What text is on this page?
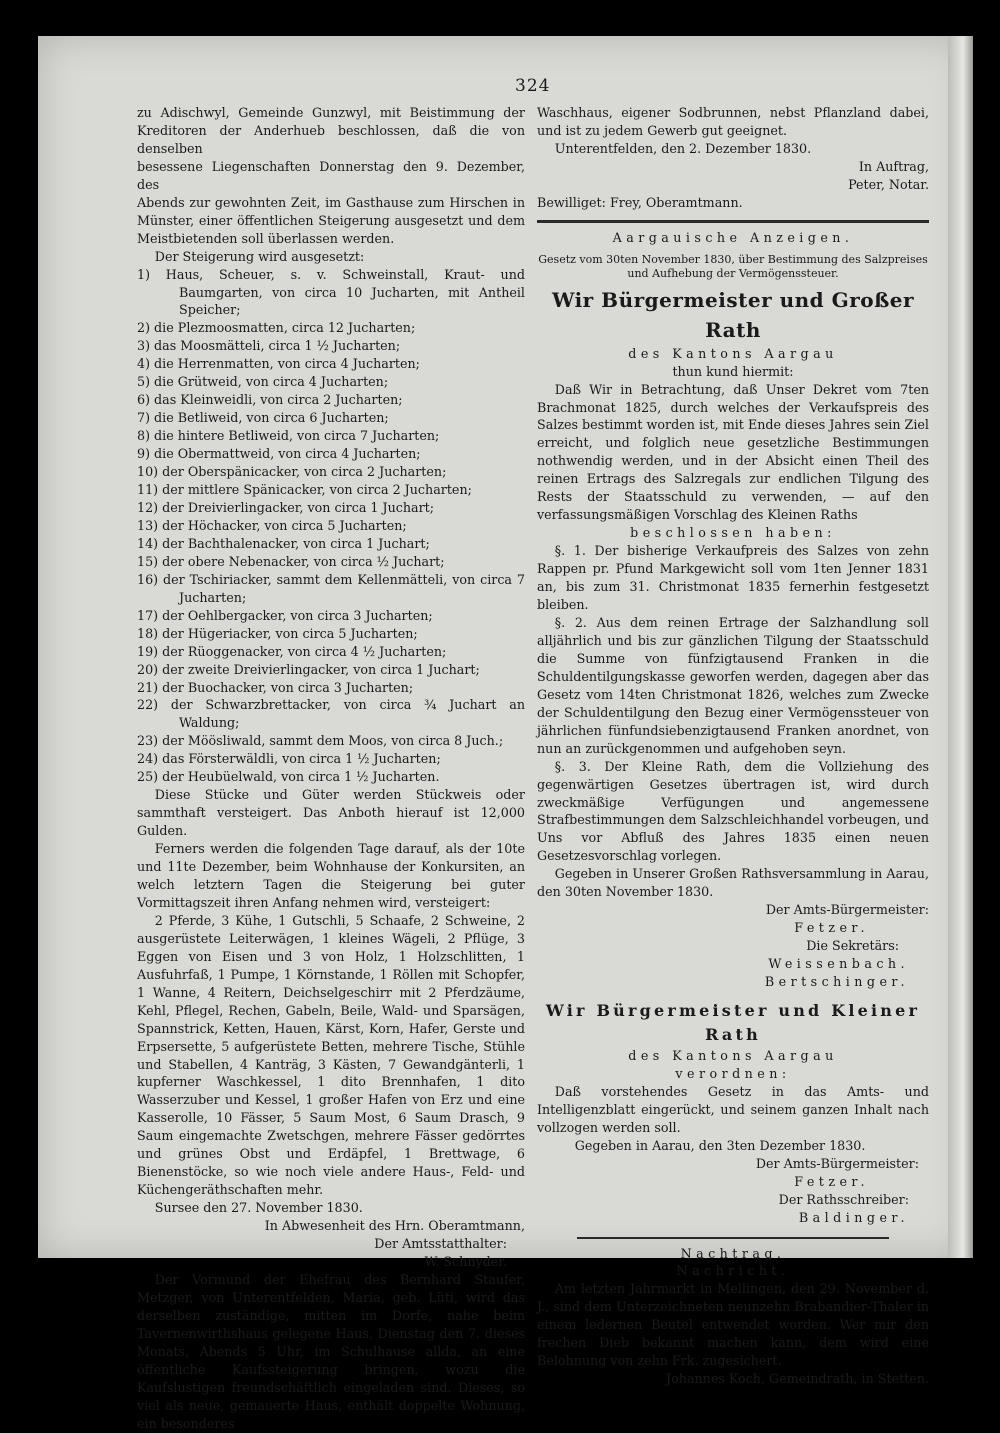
324

zu Adischwyl, Gemeinde Gunzwyl, mit Beistimmung der

Kreditoren der Anderhueb beschlossen, daß die von denselben

besessene Liegenschaften Donnerstag den 9. Dezember, des

Abends zur gewohnten Zeit, im Gasthause zum Hirschen in

Münster, einer öffentlichen Steigerung ausgesetzt und dem

Meistbietenden soll überlassen werden.

Der Steigerung wird ausgesetzt:

1) Haus, Scheuer, s. v. Schweinstall, Kraut- und Baumgarten, von circa 10 Jucharten, mit Antheil Speicher;

2) die Plezmoosmatten, circa 12 Jucharten;

3) das Moosmätteli, circa 1 ½ Jucharten;

4) die Herrenmatten, von circa 4 Jucharten;

5) die Grütweid, von circa 4 Jucharten;

6) das Kleinweidli, von circa 2 Jucharten;

7) die Betliweid, von circa 6 Jucharten;

8) die hintere Betliweid, von circa 7 Jucharten;

9) die Obermattweid, von circa 4 Jucharten;

10) der Oberspänicacker, von circa 2 Jucharten;

11) der mittlere Spänicacker, von circa 2 Jucharten;

12) der Dreivierlingacker, von circa 1 Juchart;

13) der Höchacker, von circa 5 Jucharten;

14) der Bachthalenacker, von circa 1 Juchart;

15) der obere Nebenacker, von circa ½ Juchart;

16) der Tschiriacker, sammt dem Kellenmätteli, von circa 7 Jucharten;

17) der Oehlbergacker, von circa 3 Jucharten;

18) der Hügeriacker, von circa 5 Jucharten;

19) der Rüoggenacker, von circa 4 ½ Jucharten;

20) der zweite Dreivierlingacker, von circa 1 Juchart;

21) der Buochacker, von circa 3 Jucharten;

22) der Schwarzbrettacker, von circa ¾ Juchart an Waldung;

23) der Möösliwald, sammt dem Moos, von circa 8 Juch.;

24) das Försterwäldli, von circa 1 ½ Jucharten;

25) der Heubüelwald, von circa 1 ½ Jucharten.

Diese Stücke und Güter werden Stückweis oder sammthaft versteigert. Das Anboth hierauf ist 12,000 Gulden.

Ferners werden die folgenden Tage darauf, als der 10te und 11te Dezember, beim Wohnhause der Konkursiten, an welch letztern Tagen die Steigerung bei guter Vormittagszeit ihren Anfang nehmen wird, versteigert:

2 Pferde, 3 Kühe, 1 Gutschli, 5 Schaafe, 2 Schweine, 2 ausgerüstete Leiterwägen, 1 kleines Wägeli, 2 Pflüge, 3 Eggen von Eisen und 3 von Holz, 1 Holzschlitten, 1 Ausfuhrfaß, 1 Pumpe, 1 Körnstande, 1 Röllen mit Schopfer, 1 Wanne, 4 Reitern, Deichselgeschirr mit 2 Pferdzäume, Kehl, Pflegel, Rechen, Gabeln, Beile, Wald- und Sparsägen, Spannstrick, Ketten, Hauen, Kärst, Korn, Hafer, Gerste und Erpsersette, 5 aufgerüstete Betten, mehrere Tische, Stühle und Stabellen, 4 Kanträg, 3 Kästen, 7 Gewandgänterli, 1 kupferner Waschkessel, 1 dito Brennhafen, 1 dito Wasserzuber und Kessel, 1 großer Hafen von Erz und eine Kasserolle, 10 Fässer, 5 Saum Most, 6 Saum Drasch, 9 Saum eingemachte Zwetschgen, mehrere Fässer gedörrtes und grünes Obst und Erdäpfel, 1 Brettwage, 6 Bienenstöcke, so wie noch viele andere Haus-, Feld- und Küchengeräthschaften mehr.

Sursee den 27. November 1830.

In Abwesenheit des Hrn. Oberamtmann,

Der Amtsstatthalter:

W. Schnyder.

Der Vormund der Ehefrau des Bernhard Staufer, Metzger, von Unterentfelden, Maria, geb. Lüti, wird das derselben zuständige, mitten im Dorfe, nahe beim Tavernenwirthshaus gelegene Haus, Dienstag den 7. dieses Monats, Abends 5 Uhr, im Schulhause allda, an eine öffentliche Kaufssteigerung bringen, wozu die Kaufslustigen freundschäftlich eingeladen sind. Dieses, so viel als neue, gemauerte Haus, enthält doppelte Wohnung, ein besonderes

Waschhaus, eigener Sodbrunnen, nebst Pflanzland dabei, und ist zu jedem Gewerb gut geeignet.

Unterentfelden, den 2. Dezember 1830.

In Auftrag,

Peter, Notar.

Bewilliget: Frey, Oberamtmann.

Aargauische Anzeigen.

Gesetz vom 30ten November 1830, über Bestimmung des Salzpreises und Aufhebung der Vermögenssteuer.

Wir Bürgermeister und Großer Rath

des Kantons Aargau

thun kund hiermit:

Daß Wir in Betrachtung, daß Unser Dekret vom 7ten Brachmonat 1825, durch welches der Verkaufspreis des Salzes bestimmt worden ist, mit Ende dieses Jahres sein Ziel erreicht, und folglich neue gesetzliche Bestimmungen nothwendig werden, und in der Absicht einen Theil des reinen Ertrags des Salzregals zur endlichen Tilgung des Rests der Staatsschuld zu verwenden, — auf den verfassungsmäßigen Vorschlag des Kleinen Raths

beschlossen haben:

§. 1. Der bisherige Verkaufpreis des Salzes von zehn Rappen pr. Pfund Markgewicht soll vom 1ten Jenner 1831 an, bis zum 31. Christmonat 1835 fernerhin festgesetzt bleiben.

§. 2. Aus dem reinen Ertrage der Salzhandlung soll alljährlich und bis zur gänzlichen Tilgung der Staatsschuld die Summe von fünfzigtausend Franken in die Schuldentilgungskasse geworfen werden, dagegen aber das Gesetz vom 14ten Christmonat 1826, welches zum Zwecke der Schuldentilgung den Bezug einer Vermögenssteuer von jährlichen fünfundsiebenzigtausend Franken anordnet, von nun an zurückgenommen und aufgehoben seyn.

§. 3. Der Kleine Rath, dem die Vollziehung des gegenwärtigen Gesetzes übertragen ist, wird durch zweckmäßige Verfügungen und angemessene Strafbestimmungen dem Salzschleichhandel vorbeugen, und Uns vor Abfluß des Jahres 1835 einen neuen Gesetzesvorschlag vorlegen.

Gegeben in Unserer Großen Rathsversammlung in Aarau, den 30ten November 1830.

Der Amts-Bürgermeister:

Fetzer.

Die Sekretärs:

Weissenbach.

Bertschinger.

Wir Bürgermeister und Kleiner Rath

des Kantons Aargau

verordnen:

Daß vorstehendes Gesetz in das Amts- und Intelligenzblatt eingerückt, und seinem ganzen Inhalt nach vollzogen werden soll.

Gegeben in Aarau, den 3ten Dezember 1830.

Der Amts-Bürgermeister:

Fetzer.

Der Rathsschreiber:

Baldinger.

Nachtrag.

Nachricht.

Am letzten Jahrmarkt in Mellingen, den 29. November d. J., sind dem Unterzeichneten neunzehn Brabandier-Thaler in einem ledernen Beutel entwendet worden. Wer mir den frechen Dieb bekannt machen kann, dem wird eine Belohnung von zehn Frk. zugesichert.

Johannes Koch, Gemeindrath, in Stetten.
